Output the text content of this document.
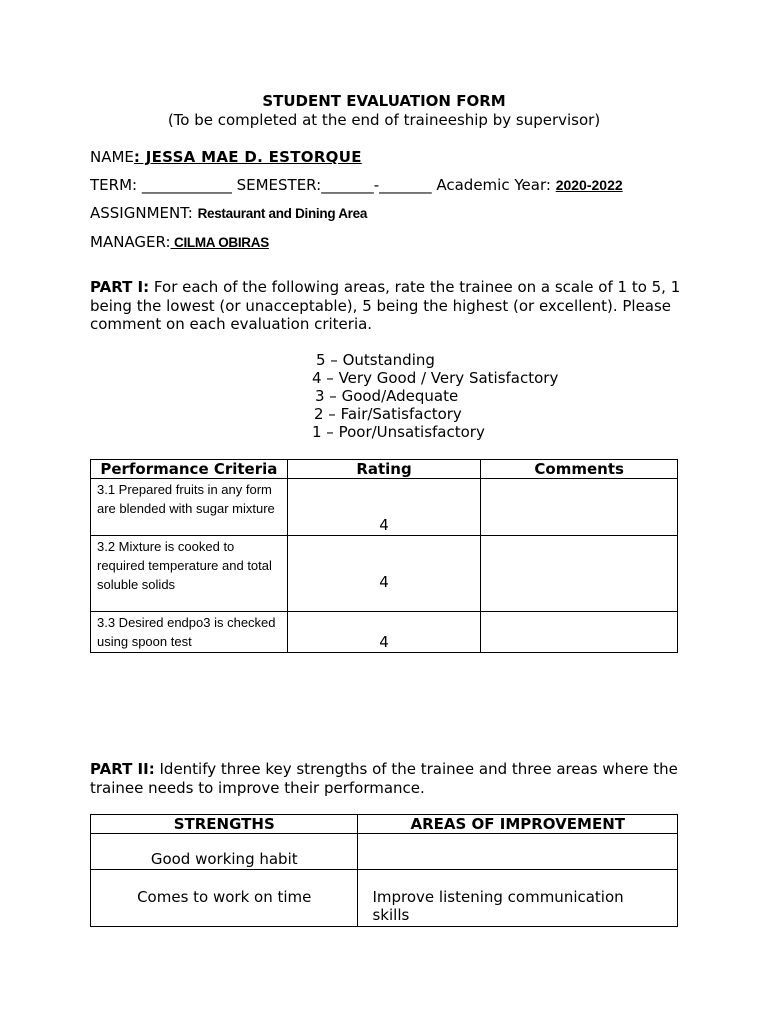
STUDENT EVALUATION FORM
(To be completed at the end of traineeship by supervisor)
NAME: JESSA MAE D. ESTORQUE
TERM: ____________ SEMESTER:_______-_______ Academic Year: 2020-2022
ASSIGNMENT: Restaurant and Dining Area
MANAGER: CILMA OBIRAS
PART I: For each of the following areas, rate the trainee on a scale of 1 to 5, 1 being the lowest (or unacceptable), 5 being the highest (or excellent). Please comment on each evaluation criteria.
5 – Outstanding
4 – Very Good / Very Satisfactory
3 – Good/Adequate
2 – Fair/Satisfactory
1 – Poor/Unsatisfactory
Performance Criteria	Rating	Comments
3.1 Prepared fruits in any form are blended with sugar mixture	4	
3.2 Mixture is cooked to required temperature and total soluble solids	4	
3.3 Desired endpo3 is checked using spoon test	4	
PART II: Identify three key strengths of the trainee and three areas where the trainee needs to improve their performance.
STRENGTHS	AREAS OF IMPROVEMENT
Good working habit	
Comes to work on time	Improve listening communication skills
